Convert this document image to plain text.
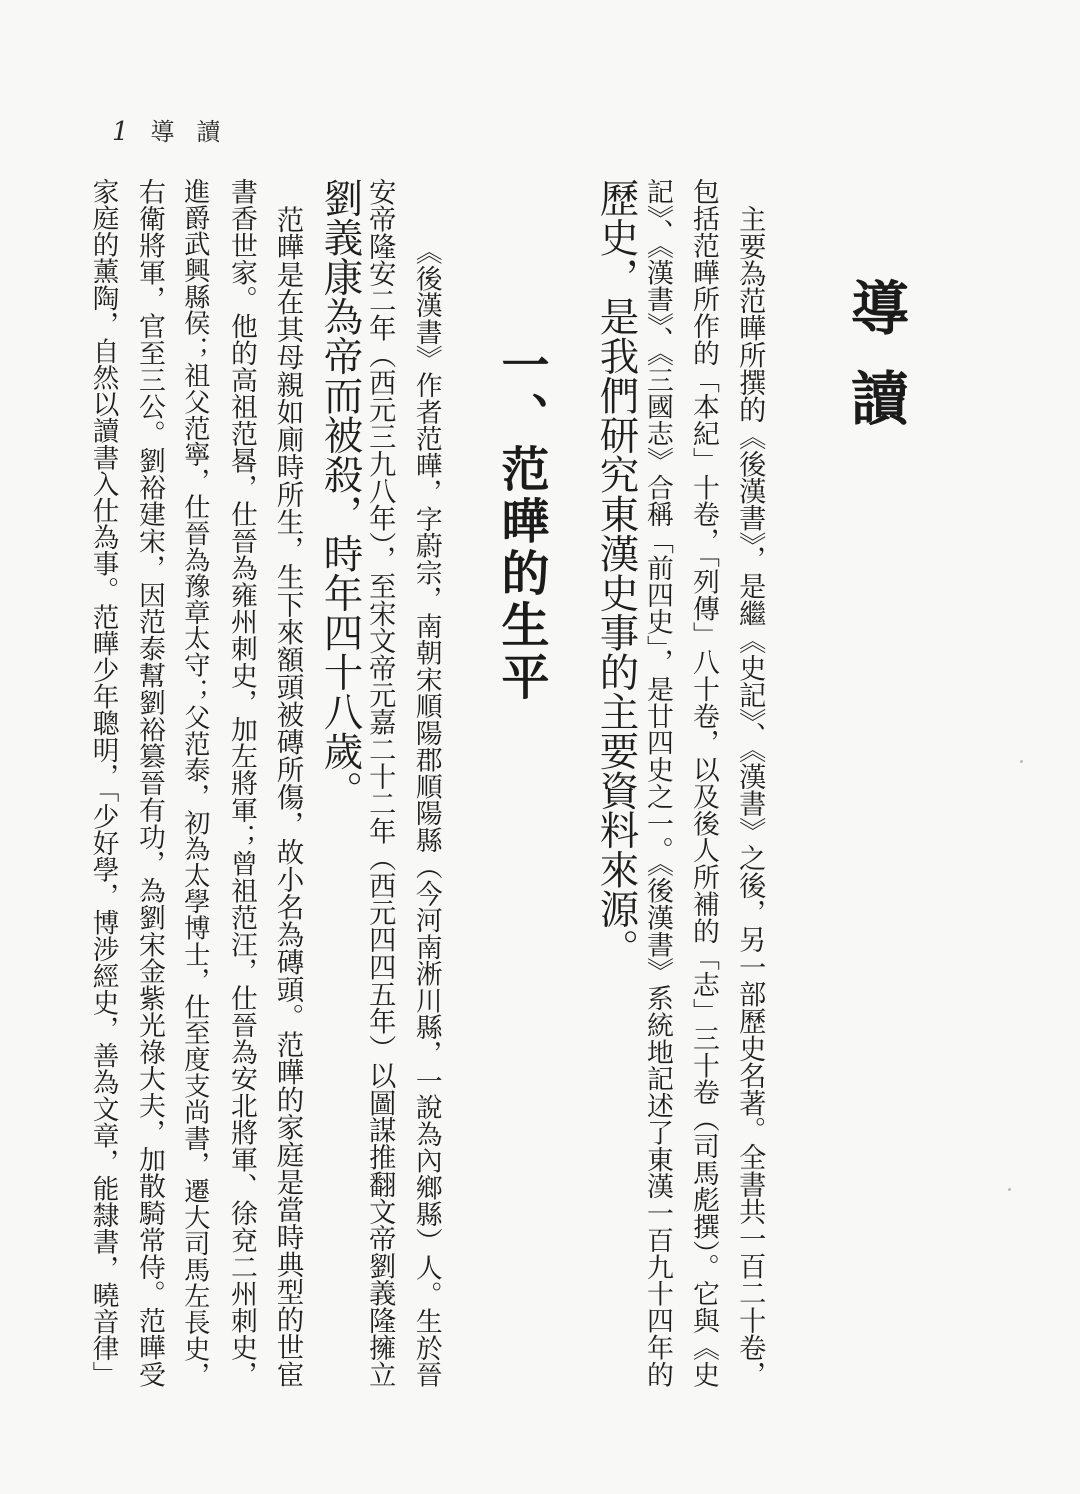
1 導讀
導讀
　主要為范曄所撰的《後漢書》，是繼《史記》、《漢書》之後，另一部歷史名著。全書共一百二十卷，
包括范曄所作的「本紀」十卷，「列傳」八十卷，以及後人所補的「志」三十卷（司馬彪撰）。它與《史
記》、《漢書》、《三國志》合稱「前四史」，是廿四史之一。《後漢書》系統地記述了東漢一百九十四年的
歷史，是我們研究東漢史事的主要資料來源。
一、范曄的生平
《後漢書》作者范曄，字蔚宗，南朝宋順陽郡順陽縣（今河南淅川縣，一說為內鄉縣）人。生於晉
安帝隆安二年（西元三九八年），至宋文帝元嘉二十二年（西元四四五年）以圖謀推翻文帝劉義隆擁立
劉義康為帝而被殺，時年四十八歲。
　范曄是在其母親如廁時所生，生下來額頭被磚所傷，故小名為磚頭。范曄的家庭是當時典型的世宦
書香世家。他的高祖范晷，仕晉為雍州刺史，加左將軍；曾祖范汪，仕晉為安北將軍、徐兗二州刺史，
進爵武興縣侯；祖父范寧，仕晉為豫章太守；父范泰，初為太學博士，仕至度支尚書，遷大司馬左長史，
右衛將軍，官至三公。劉裕建宋，因范泰幫劉裕篡晉有功，為劉宋金紫光祿大夫，加散騎常侍。范曄受
家庭的薰陶，自然以讀書入仕為事。范曄少年聰明，「少好學，博涉經史，善為文章，能隸書，曉音律」
